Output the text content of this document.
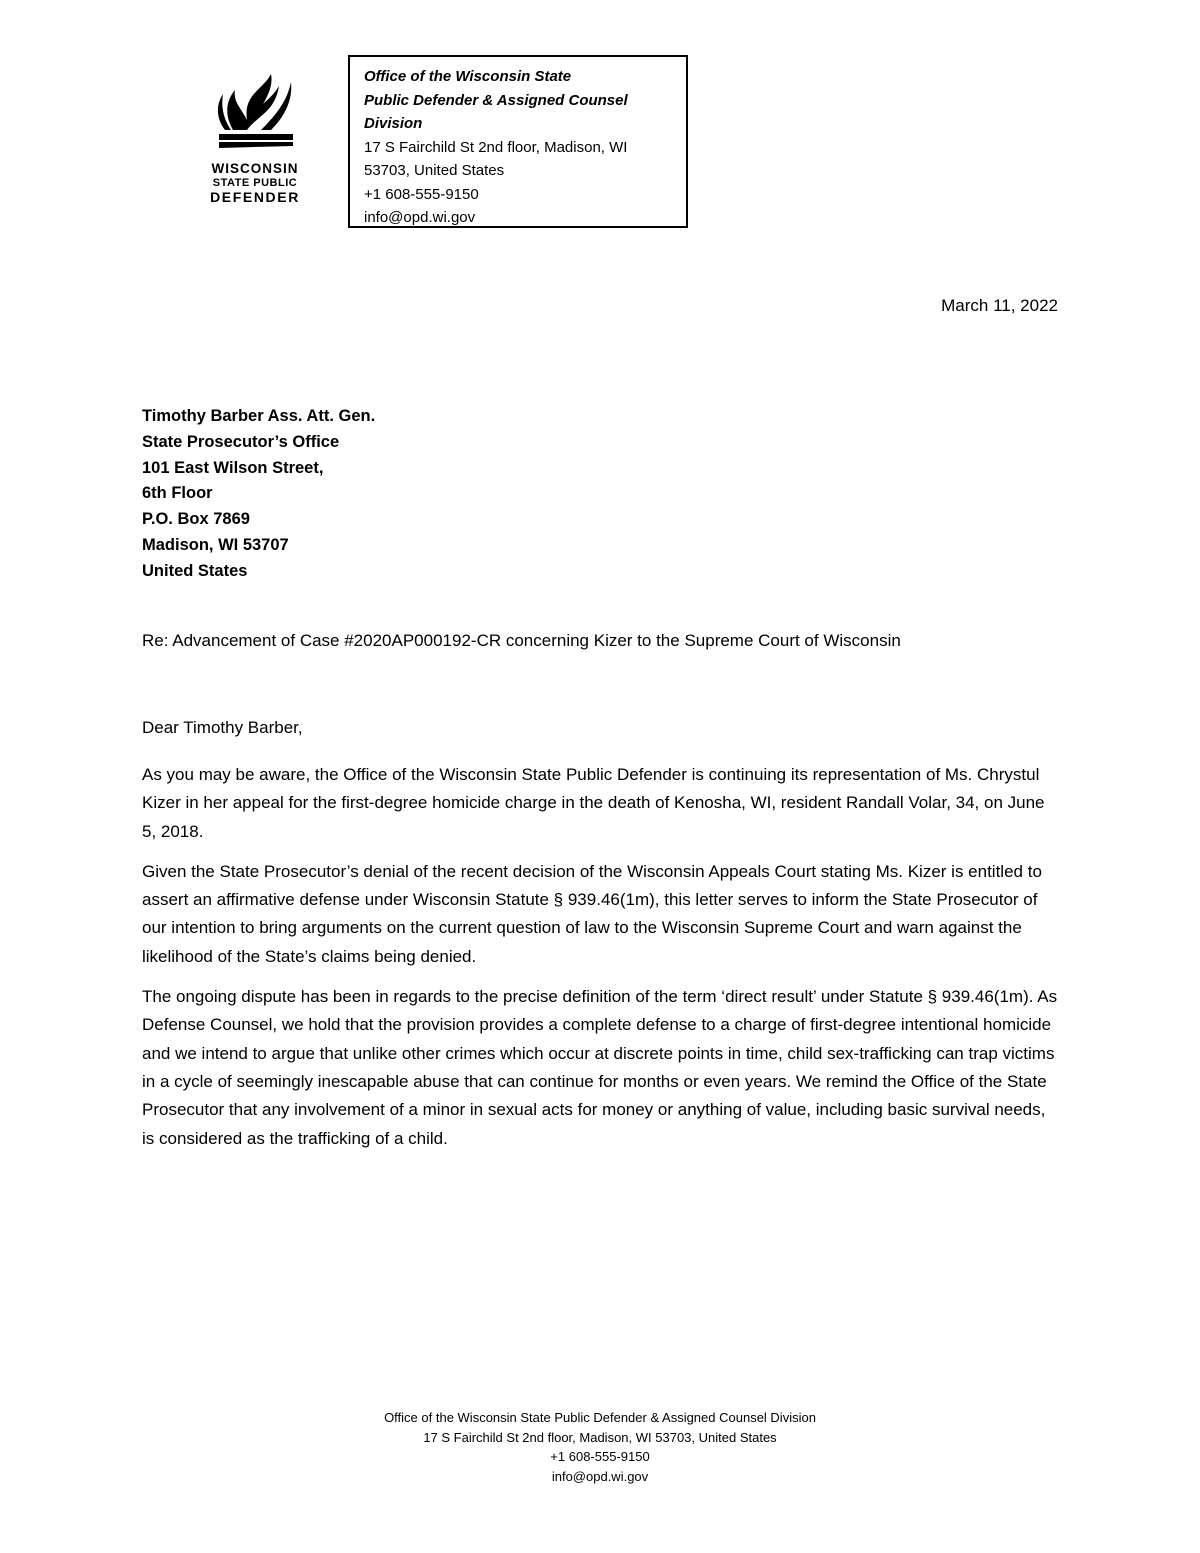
WISCONSIN
STATE PUBLIC
DEFENDER
Office of the Wisconsin State
Public Defender & Assigned Counsel
Division
17 S Fairchild St 2nd floor, Madison, WI
53703, United States
+1 608-555-9150
info@opd.wi.gov
March 11, 2022
Timothy Barber Ass. Att. Gen.
State Prosecutor’s Office
101 East Wilson Street,
6th Floor
P.O. Box 7869
Madison, WI 53707
United States
Re: Advancement of Case #2020AP000192-CR concerning Kizer to the Supreme Court of Wisconsin
Dear Timothy Barber,

As you may be aware, the Office of the Wisconsin State Public Defender is continuing its representation of Ms. Chrystul Kizer in her appeal for the first-degree homicide charge in the death of Kenosha, WI, resident Randall Volar, 34, on June 5, 2018.

Given the State Prosecutor’s denial of the recent decision of the Wisconsin Appeals Court stating Ms. Kizer is entitled to assert an affirmative defense under Wisconsin Statute § 939.46(1m), this letter serves to inform the State Prosecutor of our intention to bring arguments on the current question of law to the Wisconsin Supreme Court and warn against the likelihood of the State’s claims being denied.

The ongoing dispute has been in regards to the precise definition of the term ‘direct result’ under Statute § 939.46(1m). As Defense Counsel, we hold that the provision provides a complete defense to a charge of first-degree intentional homicide and we intend to argue that unlike other crimes which occur at discrete points in time, child sex-trafficking can trap victims in a cycle of seemingly inescapable abuse that can continue for months or even years. We remind the Office of the State Prosecutor that any involvement of a minor in sexual acts for money or anything of value, including basic survival needs, is considered as the trafficking of a child.

Office of the Wisconsin State Public Defender & Assigned Counsel Division
17 S Fairchild St 2nd floor, Madison, WI 53703, United States
+1 608-555-9150
info@opd.wi.gov
